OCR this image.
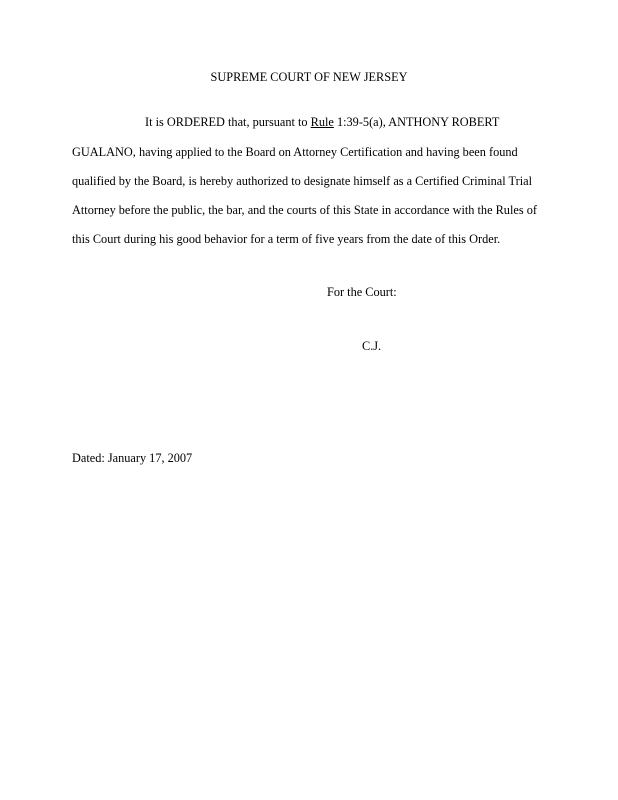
SUPREME COURT OF NEW JERSEY
It is ORDERED that, pursuant to Rule 1:39-5(a), ANTHONY ROBERT
GUALANO, having applied to the Board on Attorney Certification and having been found
qualified by the Board, is hereby authorized to designate himself as a Certified Criminal Trial
Attorney before the public, the bar, and the courts of this State in accordance with the Rules of
this Court during his good behavior for a term of five years from the date of this Order.
For the Court:
C.J.
Dated: January 17, 2007
